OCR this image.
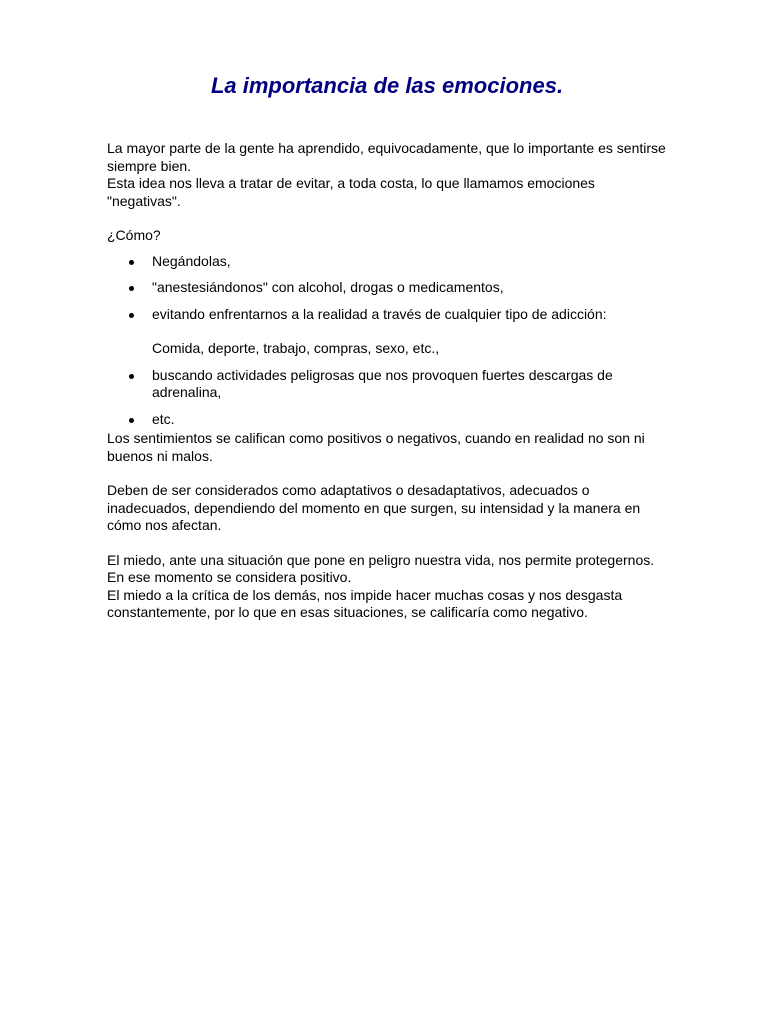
La importancia de las emociones.

La mayor parte de la gente ha aprendido, equivocadamente, que lo importante es sentirse siempre bien.

Esta idea nos lleva a tratar de evitar, a toda costa, lo que llamamos emociones "negativas".

¿Cómo?

Negándolas,
"anestesiándonos" con alcohol, drogas o medicamentos,
evitando enfrentarnos a la realidad a través de cualquier tipo de adicción:
Comida, deporte, trabajo, compras, sexo, etc.,
buscando actividades peligrosas que nos provoquen fuertes descargas de adrenalina,
etc.

Los sentimientos se califican como positivos o negativos, cuando en realidad no son ni buenos ni malos.

Deben de ser considerados como adaptativos o desadaptativos, adecuados o inadecuados, dependiendo del momento en que surgen, su intensidad y la manera en cómo nos afectan.

El miedo, ante una situación que pone en peligro nuestra vida, nos permite protegernos.

En ese momento se considera positivo.

El miedo a la crítica de los demás, nos impide hacer muchas cosas y nos desgasta constantemente, por lo que en esas situaciones, se calificaría como negativo.
